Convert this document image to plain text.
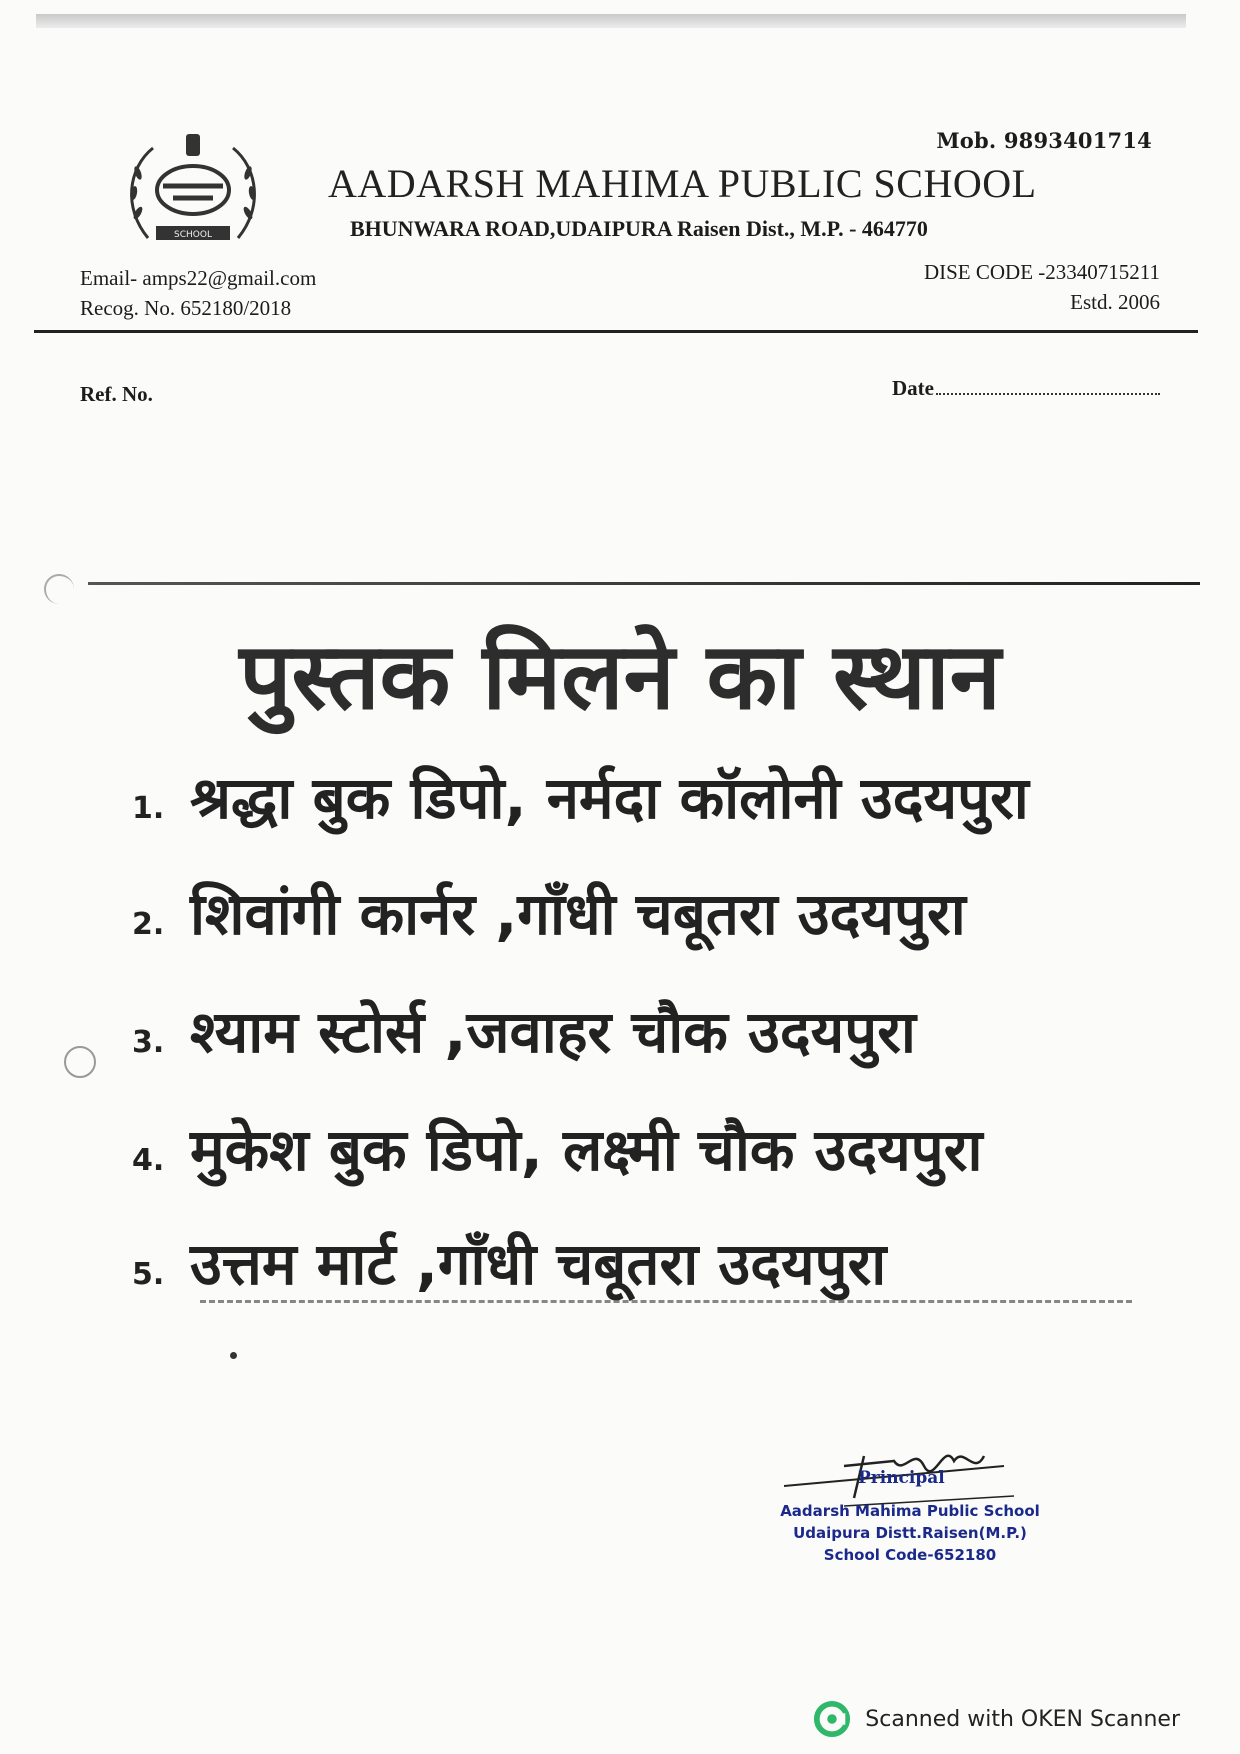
SCHOOL
Mob. 9893401714
AADARSH MAHIMA PUBLIC SCHOOL
BHUNWARA ROAD,UDAIPURA Raisen Dist., M.P. - 464770
Email- amps22@gmail.com
Recog. No. 652180/2018
DISE CODE -23340715211
Estd. 2006
Ref. No.	Date
पुस्तक मिलने का स्थान
1. श्रद्धा बुक डिपो, नर्मदा कॉलोनी उदयपुरा
2. शिवांगी कार्नर ,गाँधी चबूतरा उदयपुरा
3. श्याम स्टोर्स ,जवाहर चौक उदयपुरा
4. मुकेश बुक डिपो, लक्ष्मी चौक उदयपुरा
5. उत्तम मार्ट ,गाँधी चबूतरा उदयपुरा
Principal
Aadarsh Mahima Public School
Udaipura Distt.Raisen(M.P.)
School Code-652180
Scanned with OKEN Scanner
